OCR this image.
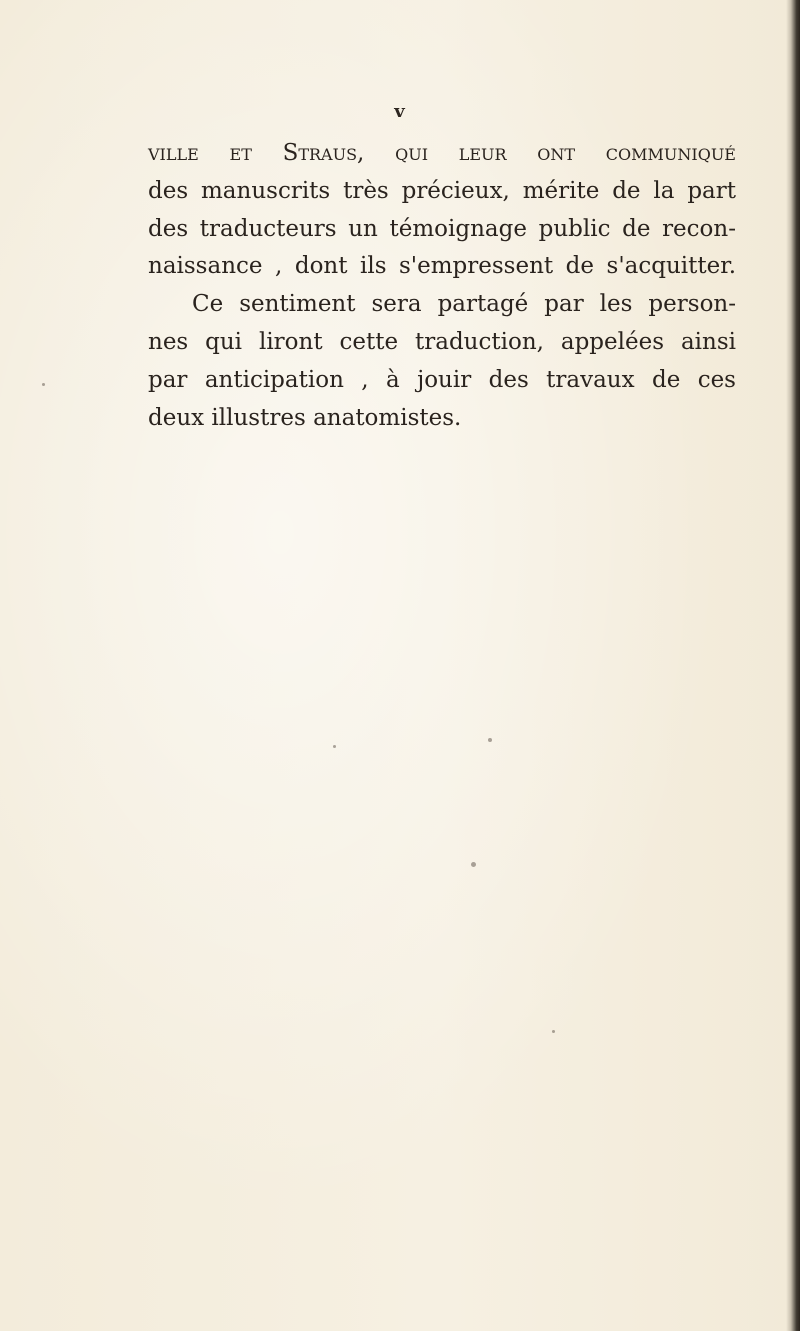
v
ville et Straus, qui leur ont communiqué
des manuscrits très précieux, mérite de la part
des traducteurs un témoignage public de recon-
naissance , dont ils s'empressent de s'acquitter.
Ce sentiment sera partagé par les person-
nes qui liront cette traduction, appelées ainsi
par anticipation , à jouir des travaux de ces
deux illustres anatomistes.
